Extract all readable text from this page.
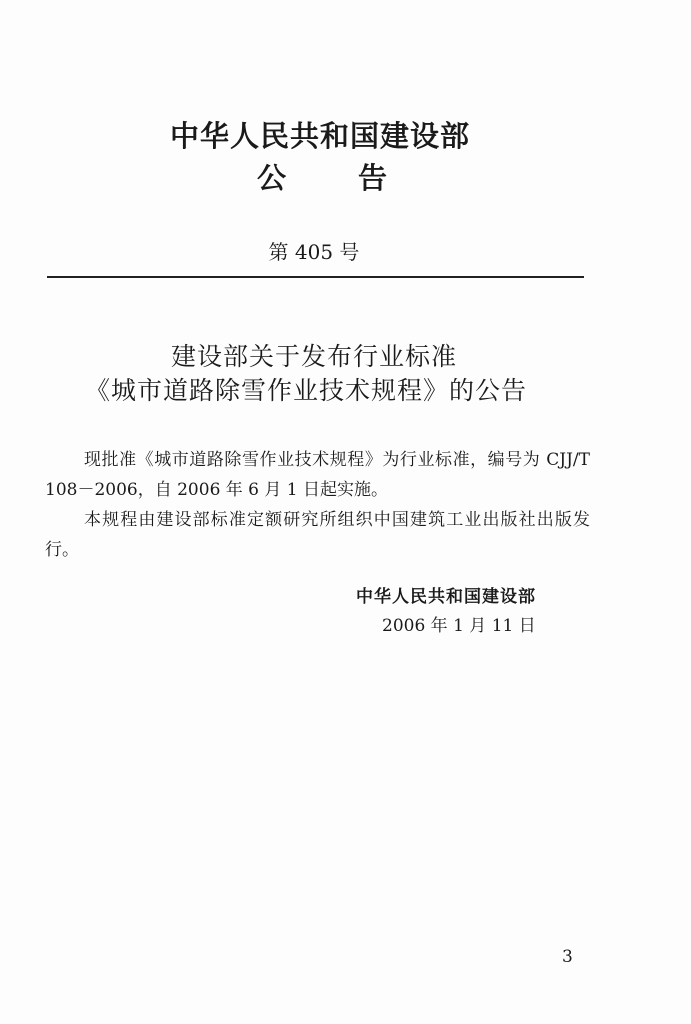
中华人民共和国建设部
公 告
第 405 号
建设部关于发布行业标准
《城市道路除雪作业技术规程》的公告
现批准《城市道路除雪作业技术规程》为行业标准，编号为 CJJ/T 108－2006，自 2006 年 6 月 1 日起实施。
本规程由建设部标准定额研究所组织中国建筑工业出版社出版发行。
中华人民共和国建设部
2006 年 1 月 11 日
3
